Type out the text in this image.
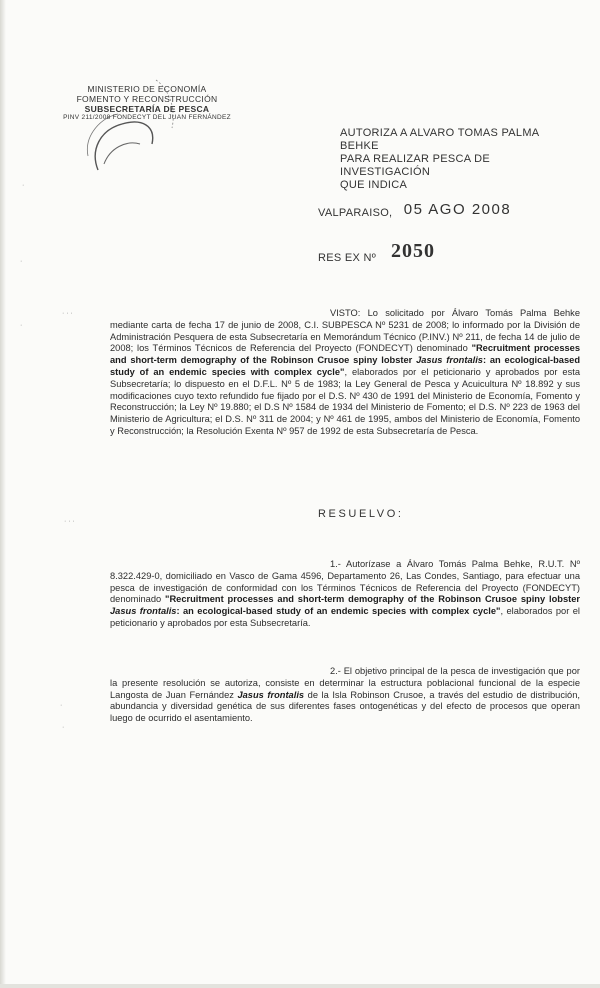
MINISTERIO DE ECONOMÍA
FOMENTO Y RECONSTRUCCIÓN
SUBSECRETARÍA DE PESCA
PINV 211/2008 FONDECYT DEL JUAN FERNÁNDEZ
AUTORIZA A ALVARO TOMAS PALMA BEHKE
PARA REALIZAR PESCA DE INVESTIGACIÓN
QUE INDICA
VALPARAISO, 05 AGO 2008
RES EX Nº 2050
VISTO: Lo solicitado por Álvaro Tomás Palma Behke mediante carta de fecha 17 de junio de 2008, C.I. SUBPESCA Nº 5231 de 2008; lo informado por la División de Administración Pesquera de esta Subsecretaría en Memorándum Técnico (P.INV.) Nº 211, de fecha 14 de julio de 2008; los Términos Técnicos de Referencia del Proyecto (FONDECYT) denominado "Recruitment processes and short-term demography of the Robinson Crusoe spiny lobster Jasus frontalis: an ecological-based study of an endemic species with complex cycle", elaborados por el peticionario y aprobados por esta Subsecretaría; lo dispuesto en el D.F.L. Nº 5 de 1983; la Ley General de Pesca y Acuicultura Nº 18.892 y sus modificaciones cuyo texto refundido fue fijado por el D.S. Nº 430 de 1991 del Ministerio de Economía, Fomento y Reconstrucción; la Ley Nº 19.880; el D.S Nº 1584 de 1934 del Ministerio de Fomento; el D.S. Nº 223 de 1963 del Ministerio de Agricultura; el D.S. Nº 311 de 2004; y Nº 461 de 1995, ambos del Ministerio de Economía, Fomento y Reconstrucción; la Resolución Exenta Nº 957 de 1992 de esta Subsecretaría de Pesca.
RESUELVO:
1.- Autorízase a Álvaro Tomás Palma Behke, R.U.T. Nº 8.322.429-0, domiciliado en Vasco de Gama 4596, Departamento 26, Las Condes, Santiago, para efectuar una pesca de investigación de conformidad con los Términos Técnicos de Referencia del Proyecto (FONDECYT) denominado "Recruitment processes and short-term demography of the Robinson Crusoe spiny lobster Jasus frontalis: an ecological-based study of an endemic species with complex cycle", elaborados por el peticionario y aprobados por esta Subsecretaría.
2.- El objetivo principal de la pesca de investigación que por la presente resolución se autoriza, consiste en determinar la estructura poblacional funcional de la especie Langosta de Juan Fernández Jasus frontalis de la Isla Robinson Crusoe, a través del estudio de distribución, abundancia y diversidad genética de sus diferentes fases ontogenéticas y del efecto de procesos que operan luego de ocurrido el asentamiento.
·
·
· · ·
·
· · ·
·
·
